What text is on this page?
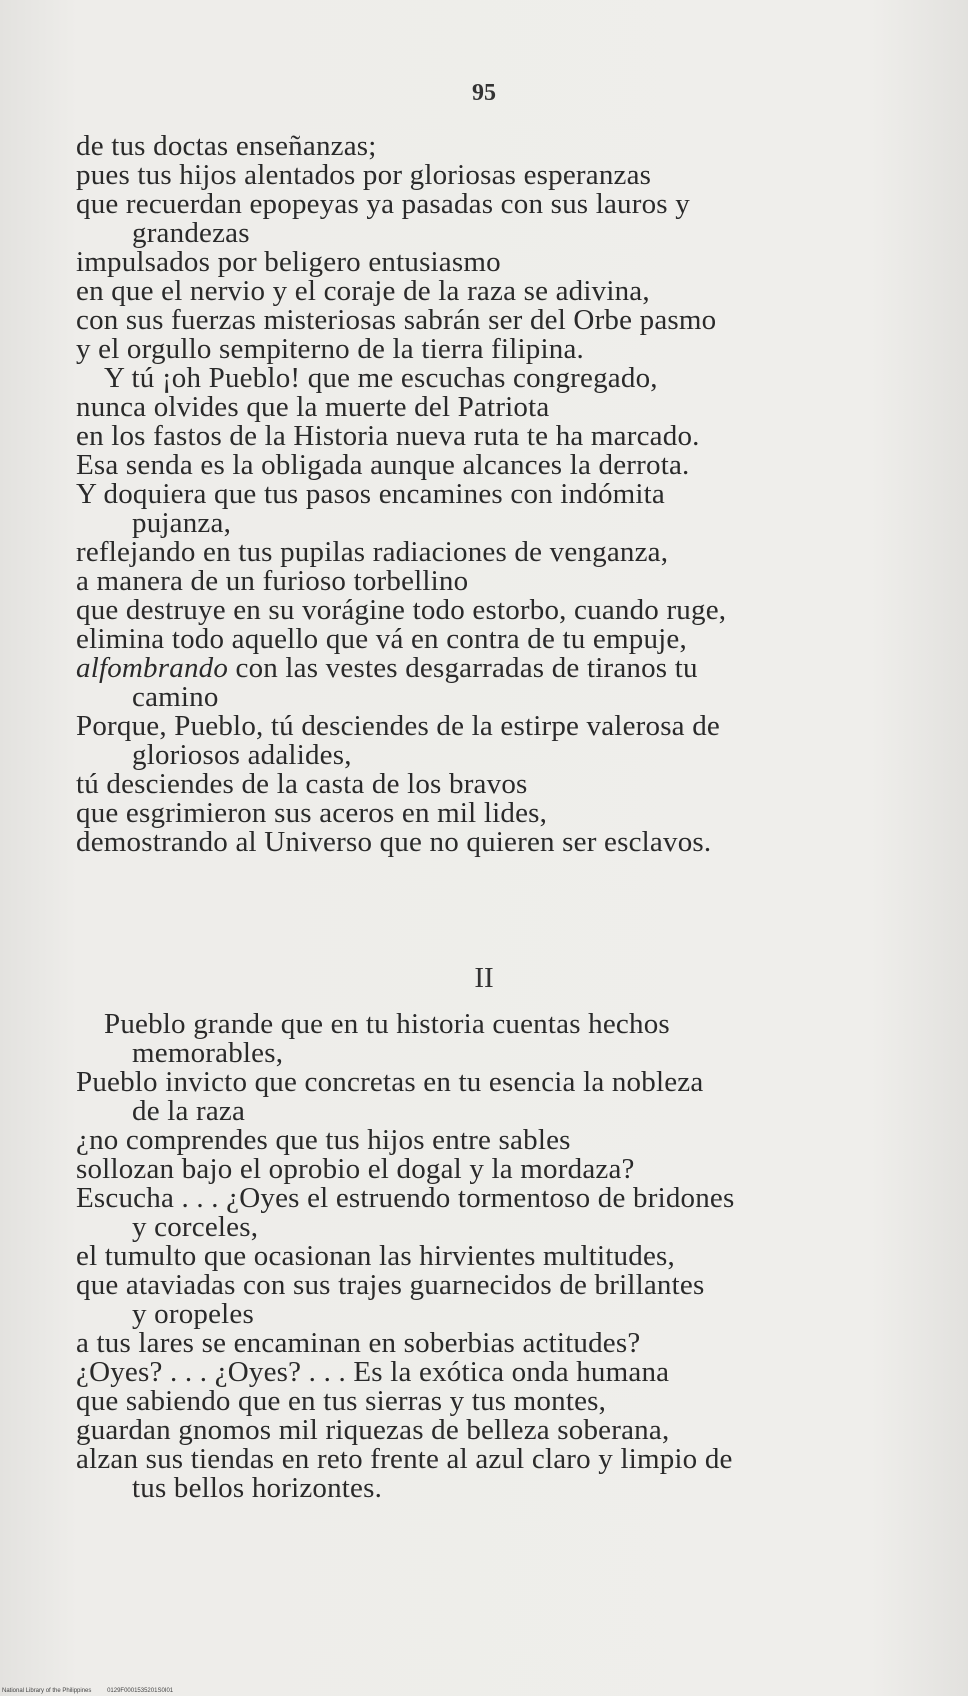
95
de tus doctas enseñanzas;
pues tus hijos alentados por gloriosas esperanzas
que recuerdan epopeyas ya pasadas con sus lauros y
grandezas
impulsados por beligero entusiasmo
en que el nervio y el coraje de la raza se adivina,
con sus fuerzas misteriosas sabrán ser del Orbe pasmo
y el orgullo sempiterno de la tierra filipina.
Y tú ¡oh Pueblo! que me escuchas congregado,
nunca olvides que la muerte del Patriota
en los fastos de la Historia nueva ruta te ha marcado.
Esa senda es la obligada aunque alcances la derrota.
Y doquiera que tus pasos encamines con indómita
pujanza,
reflejando en tus pupilas radiaciones de venganza,
a manera de un furioso torbellino
que destruye en su vorágine todo estorbo, cuando ruge,
elimina todo aquello que vá en contra de tu empuje,
alfombrando con las vestes desgarradas de tiranos tu
camino
Porque, Pueblo, tú desciendes de la estirpe valerosa de
gloriosos adalides,
tú desciendes de la casta de los bravos
que esgrimieron sus aceros en mil lides,
demostrando al Universo que no quieren ser esclavos.
II
Pueblo grande que en tu historia cuentas hechos
memorables,
Pueblo invicto que concretas en tu esencia la nobleza
de la raza
¿no comprendes que tus hijos entre sables
sollozan bajo el oprobio el dogal y la mordaza?
Escucha . . . ¿Oyes el estruendo tormentoso de bridones
y corceles,
el tumulto que ocasionan las hirvientes multitudes,
que ataviadas con sus trajes guarnecidos de brillantes
y oropeles
a tus lares se encaminan en soberbias actitudes?
¿Oyes? . . . ¿Oyes? . . . Es la exótica onda humana
que sabiendo que en tus sierras y tus montes,
guardan gnomos mil riquezas de belleza soberana,
alzan sus tiendas en reto frente al azul claro y limpio de
tus bellos horizontes.
National Library of the Philippines	0129F0001535201S0I01
